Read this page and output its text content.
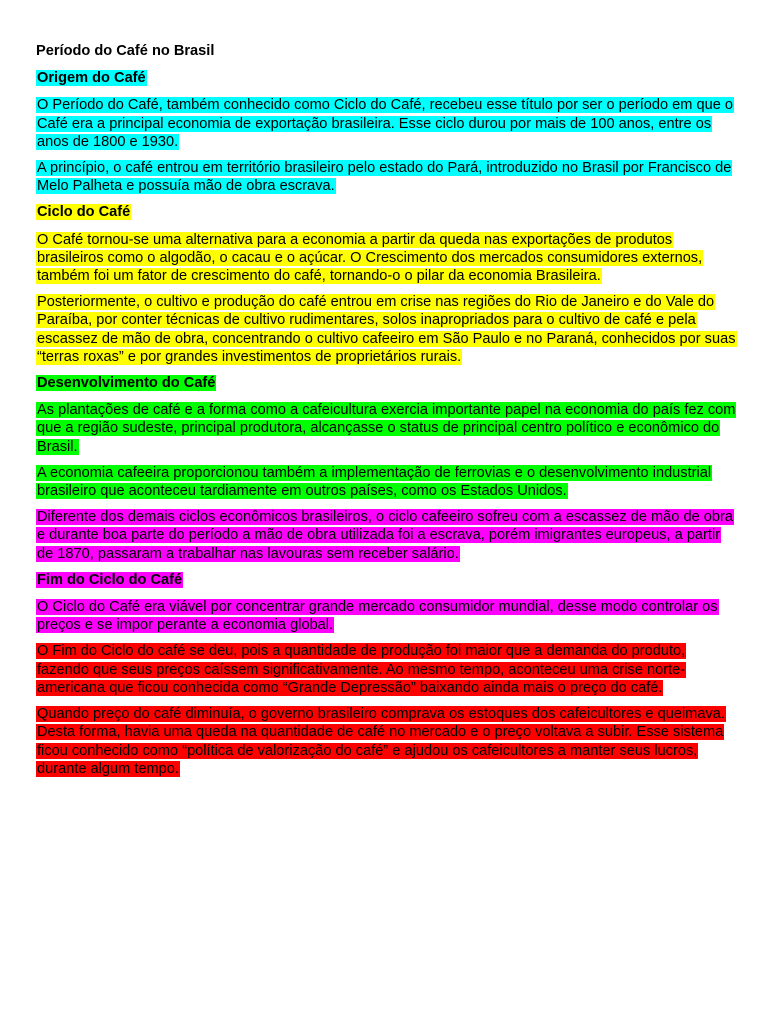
Período do Café no Brasil
Origem do Café
O Período do Café, também conhecido como Ciclo do Café, recebeu esse título por ser o período em que o Café era a principal economia de exportação brasileira. Esse ciclo durou por mais de 100 anos, entre os anos de 1800 e 1930.
A princípio, o café entrou em território brasileiro pelo estado do Pará, introduzido no Brasil por Francisco de Melo Palheta e possuía mão de obra escrava.
Ciclo do Café
O Café tornou-se uma alternativa para a economia a partir da queda nas exportações de produtos brasileiros como o algodão, o cacau e o açúcar. O Crescimento dos mercados consumidores externos, também foi um fator de crescimento do café, tornando-o o pilar da economia Brasileira.
Posteriormente, o cultivo e produção do café entrou em crise nas regiões do Rio de Janeiro e do Vale do Paraíba, por conter técnicas de cultivo rudimentares, solos inapropriados para o cultivo de café e pela escassez de mão de obra, concentrando o cultivo cafeeiro em São Paulo e no Paraná, conhecidos por suas “terras roxas” e por grandes investimentos de proprietários rurais.
Desenvolvimento do Café
As plantações de café e a forma como a cafeicultura exercia importante papel na economia do país fez com que a região sudeste, principal produtora, alcançasse o status de principal centro político e econômico do Brasil.
A economia cafeeira proporcionou também a implementação de ferrovias e o desenvolvimento industrial brasileiro que aconteceu tardiamente em outros países, como os Estados Unidos.
Diferente dos demais ciclos econômicos brasileiros, o ciclo cafeeiro sofreu com a escassez de mão de obra e durante boa parte do período a mão de obra utilizada foi a escrava, porém imigrantes europeus, a partir de 1870, passaram a trabalhar nas lavouras sem receber salário.
Fim do Ciclo do Café
O Ciclo do Café era viável por concentrar grande mercado consumidor mundial, desse modo controlar os preços e se impor perante a economia global.
O Fim do Ciclo do café se deu, pois a quantidade de produção foi maior que a demanda do produto, fazendo que seus preços caíssem significativamente. Ao mesmo tempo, aconteceu uma crise norte-americana que ficou conhecida como “Grande Depressão” baixando ainda mais o preço do café.
Quando preço do café diminuía, o governo brasileiro comprava os estoques dos cafeicultores e queimava. Desta forma, havia uma queda na quantidade de café no mercado e o preço voltava a subir. Esse sistema ficou conhecido como “política de valorização do café” e ajudou os cafeicultores a manter seus lucros, durante algum tempo.
